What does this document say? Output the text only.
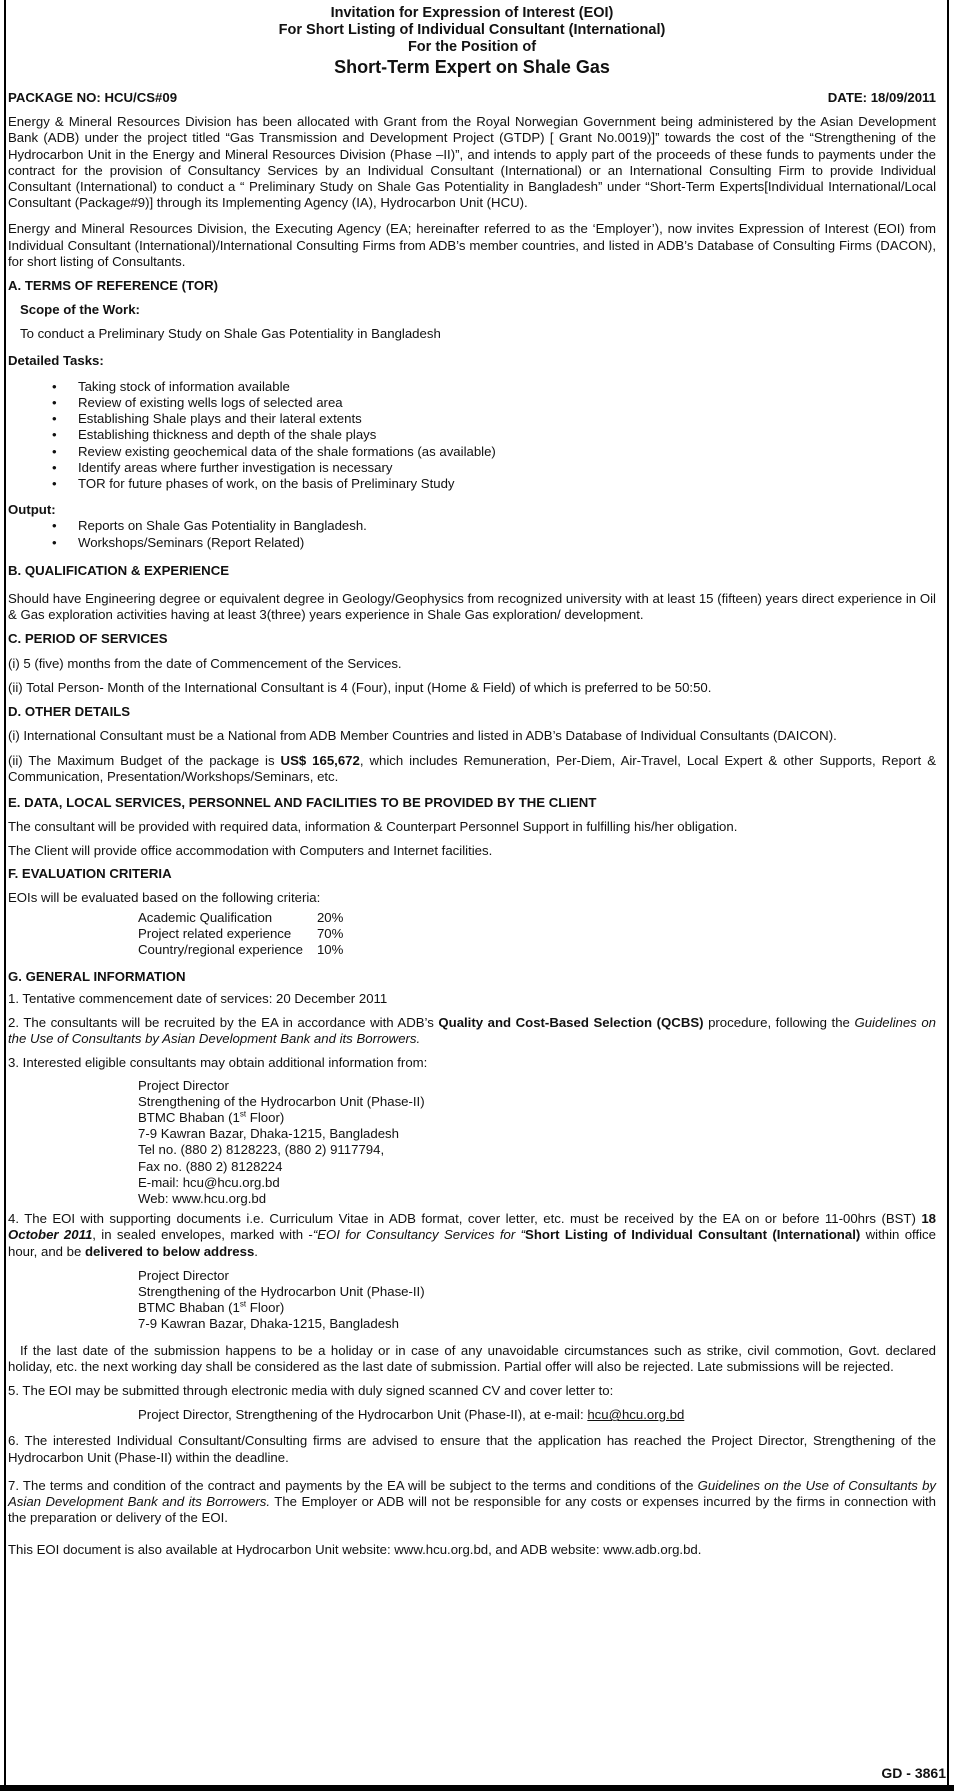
Invitation for Expression of Interest (EOI)
For Short Listing of Individual Consultant (International)
For the Position of
Short-Term Expert on Shale Gas
PACKAGE NO: HCU/CS#09	DATE: 18/09/2011

Energy & Mineral Resources Division has been allocated with Grant from the Royal Norwegian Government being administered by the Asian Development Bank (ADB) under the project titled “Gas Transmission and Development Project (GTDP) [ Grant No.0019)]” towards the cost of the “Strengthening of the Hydrocarbon Unit in the Energy and Mineral Resources Division (Phase –II)”, and intends to apply part of the proceeds of these funds to payments under the contract for the provision of Consultancy Services by an Individual Consultant (International) or an International Consulting Firm to provide Individual Consultant (International) to conduct a “ Preliminary Study on Shale Gas Potentiality in Bangladesh” under “Short-Term Experts[Individual International/Local Consultant (Package#9)] through its Implementing Agency (IA), Hydrocarbon Unit (HCU).

Energy and Mineral Resources Division, the Executing Agency (EA; hereinafter referred to as the ‘Employer’), now invites Expression of Interest (EOI) from Individual Consultant (International)/International Consulting Firms from ADB’s member countries, and listed in ADB’s Database of Consulting Firms (DACON), for short listing of Consultants.

A. TERMS OF REFERENCE (TOR)
Scope of the Work:

To conduct a Preliminary Study on Shale Gas Potentiality in Bangladesh

Detailed Tasks:
• Taking stock of information available
• Review of existing wells logs of selected area
• Establishing Shale plays and their lateral extents
• Establishing thickness and depth of the shale plays
• Review existing geochemical data of the shale formations (as available)
• Identify areas where further investigation is necessary
• TOR for future phases of work, on the basis of Preliminary Study
Output:
• Reports on Shale Gas Potentiality in Bangladesh.
• Workshops/Seminars (Report Related)
B. QUALIFICATION & EXPERIENCE

Should have Engineering degree or equivalent degree in Geology/Geophysics from recognized university with at least 15 (fifteen) years direct experience in Oil & Gas exploration activities having at least 3(three) years experience in Shale Gas exploration/ development.

C. PERIOD OF SERVICES

(i) 5 (five) months from the date of Commencement of the Services.

(ii) Total Person- Month of the International Consultant is 4 (Four), input (Home & Field) of which is preferred to be 50:50.

D. OTHER DETAILS

(i) International Consultant must be a National from ADB Member Countries and listed in ADB’s Database of Individual Consultants (DAICON).

(ii) The Maximum Budget of the package is US$ 165,672, which includes Remuneration, Per-Diem, Air-Travel, Local Expert & other Supports, Report & Communication, Presentation/Workshops/Seminars, etc.

E. DATA, LOCAL SERVICES, PERSONNEL AND FACILITIES TO BE PROVIDED BY THE CLIENT

The consultant will be provided with required data, information & Counterpart Personnel Support in fulfilling his/her obligation.

The Client will provide office accommodation with Computers and Internet facilities.

F. EVALUATION CRITERIA

EOIs will be evaluated based on the following criteria:

Academic Qualification	20%
Project related experience	70%
Country/regional experience	10%
G. GENERAL INFORMATION

1. Tentative commencement date of services: 20 December 2011

2. The consultants will be recruited by the EA in accordance with ADB’s Quality and Cost-Based Selection (QCBS) procedure, following the Guidelines on the Use of Consultants by Asian Development Bank and its Borrowers.

3. Interested eligible consultants may obtain additional information from:

Project Director
Strengthening of the Hydrocarbon Unit (Phase-II)
BTMC Bhaban (1st Floor)
7-9 Kawran Bazar, Dhaka-1215, Bangladesh
Tel no. (880 2) 8128223, (880 2) 9117794,
Fax no. (880 2) 8128224
E-mail: hcu@hcu.org.bd
Web: www.hcu.org.bd

4. The EOI with supporting documents i.e. Curriculum Vitae in ADB format, cover letter, etc. must be received by the EA on or before 11-00hrs (BST) 18 October 2011, in sealed envelopes, marked with -“EOI for Consultancy Services for “Short Listing of Individual Consultant (International) within office hour, and be delivered to below address.

Project Director
Strengthening of the Hydrocarbon Unit (Phase-II)
BTMC Bhaban (1st Floor)
7-9 Kawran Bazar, Dhaka-1215, Bangladesh

If the last date of the submission happens to be a holiday or in case of any unavoidable circumstances such as strike, civil commotion, Govt. declared holiday, etc. the next working day shall be considered as the last date of submission. Partial offer will also be rejected. Late submissions will be rejected.

5. The EOI may be submitted through electronic media with duly signed scanned CV and cover letter to:

Project Director, Strengthening of the Hydrocarbon Unit (Phase-II), at e-mail: hcu@hcu.org.bd

6. The interested Individual Consultant/Consulting firms are advised to ensure that the application has reached the Project Director, Strengthening of the Hydrocarbon Unit (Phase-II) within the deadline.

7. The terms and condition of the contract and payments by the EA will be subject to the terms and conditions of the Guidelines on the Use of Consultants by Asian Development Bank and its Borrowers. The Employer or ADB will not be responsible for any costs or expenses incurred by the firms in connection with the preparation or delivery of the EOI.

This EOI document is also available at Hydrocarbon Unit website: www.hcu.org.bd, and ADB website: www.adb.org.bd.

GD - 3861
